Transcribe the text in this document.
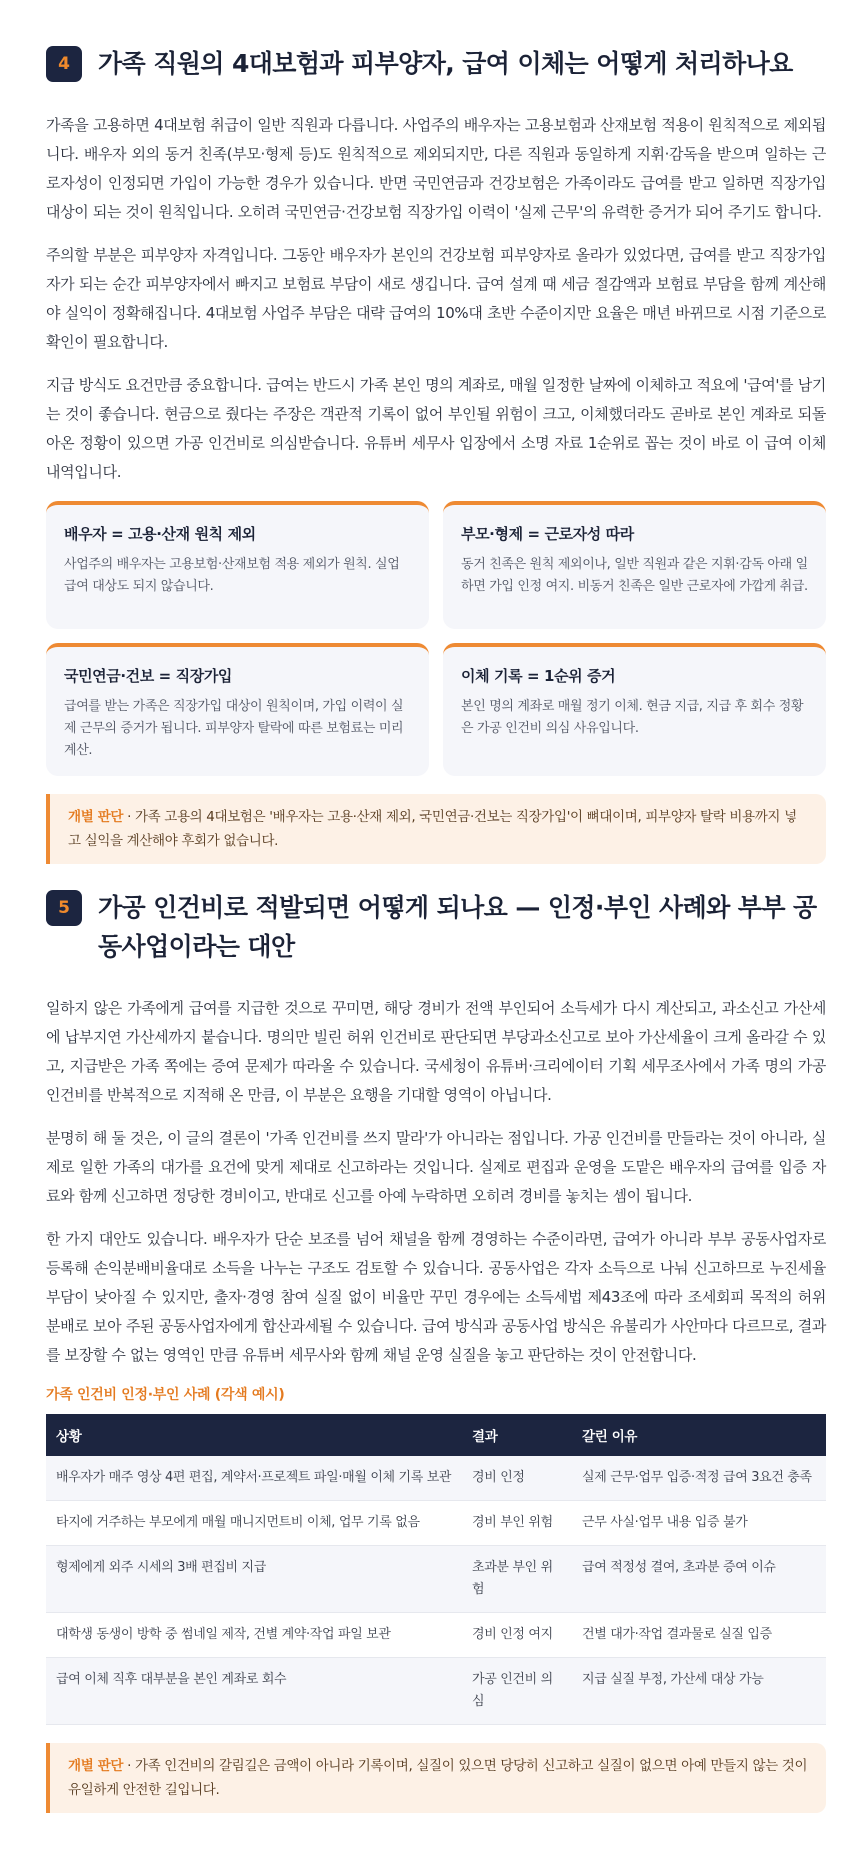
4	가족 직원의 4대보험과 피부양자, 급여 이체는 어떻게 처리하나요

가족을 고용하면 4대보험 취급이 일반 직원과 다릅니다. 사업주의 배우자는 고용보험과 산재보험 적용이 원칙적으로 제외됩니다. 배우자 외의 동거 친족(부모·형제 등)도 원칙적으로 제외되지만, 다른 직원과 동일하게 지휘·감독을 받으며 일하는 근로자성이 인정되면 가입이 가능한 경우가 있습니다. 반면 국민연금과 건강보험은 가족이라도 급여를 받고 일하면 직장가입 대상이 되는 것이 원칙입니다. 오히려 국민연금·건강보험 직장가입 이력이 '실제 근무'의 유력한 증거가 되어 주기도 합니다.

주의할 부분은 피부양자 자격입니다. 그동안 배우자가 본인의 건강보험 피부양자로 올라가 있었다면, 급여를 받고 직장가입자가 되는 순간 피부양자에서 빠지고 보험료 부담이 새로 생깁니다. 급여 설계 때 세금 절감액과 보험료 부담을 함께 계산해야 실익이 정확해집니다. 4대보험 사업주 부담은 대략 급여의 10%대 초반 수준이지만 요율은 매년 바뀌므로 시점 기준으로 확인이 필요합니다.

지급 방식도 요건만큼 중요합니다. 급여는 반드시 가족 본인 명의 계좌로, 매월 일정한 날짜에 이체하고 적요에 '급여'를 남기는 것이 좋습니다. 현금으로 줬다는 주장은 객관적 기록이 없어 부인될 위험이 크고, 이체했더라도 곧바로 본인 계좌로 되돌아온 정황이 있으면 가공 인건비로 의심받습니다. 유튜버 세무사 입장에서 소명 자료 1순위로 꼽는 것이 바로 이 급여 이체 내역입니다.

배우자 = 고용·산재 원칙 제외
사업주의 배우자는 고용보험·산재보험 적용 제외가 원칙. 실업급여 대상도 되지 않습니다.
부모·형제 = 근로자성 따라
동거 친족은 원칙 제외이나, 일반 직원과 같은 지휘·감독 아래 일하면 가입 인정 여지. 비동거 친족은 일반 근로자에 가깝게 취급.
국민연금·건보 = 직장가입
급여를 받는 가족은 직장가입 대상이 원칙이며, 가입 이력이 실제 근무의 증거가 됩니다. 피부양자 탈락에 따른 보험료는 미리 계산.
이체 기록 = 1순위 증거
본인 명의 계좌로 매월 정기 이체. 현금 지급, 지급 후 회수 정황은 가공 인건비 의심 사유입니다.
개별 판단 · 가족 고용의 4대보험은 '배우자는 고용·산재 제외, 국민연금·건보는 직장가입'이 뼈대이며, 피부양자 탈락 비용까지 넣고 실익을 계산해야 후회가 없습니다.
5	가공 인건비로 적발되면 어떻게 되나요 — 인정·부인 사례와 부부 공동사업이라는 대안

일하지 않은 가족에게 급여를 지급한 것으로 꾸미면, 해당 경비가 전액 부인되어 소득세가 다시 계산되고, 과소신고 가산세에 납부지연 가산세까지 붙습니다. 명의만 빌린 허위 인건비로 판단되면 부당과소신고로 보아 가산세율이 크게 올라갈 수 있고, 지급받은 가족 쪽에는 증여 문제가 따라올 수 있습니다. 국세청이 유튜버·크리에이터 기획 세무조사에서 가족 명의 가공 인건비를 반복적으로 지적해 온 만큼, 이 부분은 요행을 기대할 영역이 아닙니다.

분명히 해 둘 것은, 이 글의 결론이 '가족 인건비를 쓰지 말라'가 아니라는 점입니다. 가공 인건비를 만들라는 것이 아니라, 실제로 일한 가족의 대가를 요건에 맞게 제대로 신고하라는 것입니다. 실제로 편집과 운영을 도맡은 배우자의 급여를 입증 자료와 함께 신고하면 정당한 경비이고, 반대로 신고를 아예 누락하면 오히려 경비를 놓치는 셈이 됩니다.

한 가지 대안도 있습니다. 배우자가 단순 보조를 넘어 채널을 함께 경영하는 수준이라면, 급여가 아니라 부부 공동사업자로 등록해 손익분배비율대로 소득을 나누는 구조도 검토할 수 있습니다. 공동사업은 각자 소득으로 나눠 신고하므로 누진세율 부담이 낮아질 수 있지만, 출자·경영 참여 실질 없이 비율만 꾸민 경우에는 소득세법 제43조에 따라 조세회피 목적의 허위 분배로 보아 주된 공동사업자에게 합산과세될 수 있습니다. 급여 방식과 공동사업 방식은 유불리가 사안마다 다르므로, 결과를 보장할 수 없는 영역인 만큼 유튜버 세무사와 함께 채널 운영 실질을 놓고 판단하는 것이 안전합니다.

가족 인건비 인정·부인 사례 (각색 예시)
상황	결과	갈린 이유
배우자가 매주 영상 4편 편집, 계약서·프로젝트 파일·매월 이체 기록 보관	경비 인정	실제 근무·업무 입증·적정 급여 3요건 충족
타지에 거주하는 부모에게 매월 매니지먼트비 이체, 업무 기록 없음	경비 부인 위험	근무 사실·업무 내용 입증 불가
형제에게 외주 시세의 3배 편집비 지급	초과분 부인 위험	급여 적정성 결여, 초과분 증여 이슈
대학생 동생이 방학 중 썸네일 제작, 건별 계약·작업 파일 보관	경비 인정 여지	건별 대가·작업 결과물로 실질 입증
급여 이체 직후 대부분을 본인 계좌로 회수	가공 인건비 의심	지급 실질 부정, 가산세 대상 가능
개별 판단 · 가족 인건비의 갈림길은 금액이 아니라 기록이며, 실질이 있으면 당당히 신고하고 실질이 없으면 아예 만들지 않는 것이 유일하게 안전한 길입니다.
